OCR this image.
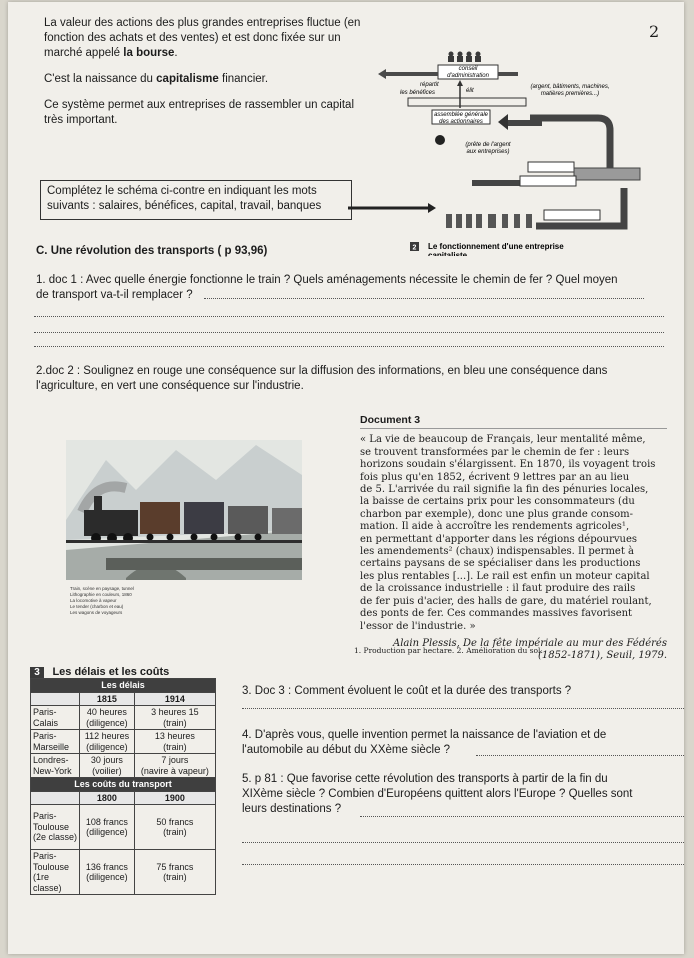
2

La valeur des actions des plus grandes entreprises fluctue (en
fonction des achats et des ventes) et est donc fixée sur un
marché appelé la bourse.

C'est la naissance du capitalisme financier.

Ce système permet aux entreprises de rassembler un capital
très important.

Complétez le schéma ci-contre en indiquant les mots
suivants : salaires, bénéfices, capital, travail, banques
conseil
d'administration
répartit
les bénéfices	élit
(argent, bâtiments, machines,
matières premières...)
assemblée générale
des actionnaires
(prête de l'argent
aux entreprises)
2 Le fonctionnement d'une entreprise
capitaliste.
C. Une révolution des transports ( p 93,96)
1. doc 1 : Avec quelle énergie fonctionne le train ? Quels aménagements nécessite le chemin de fer ? Quel moyen
de transport va-t-il remplacer ?
2.doc 2 : Soulignez en rouge une conséquence sur la diffusion des informations, en bleu une conséquence dans
l'agriculture, en vert une conséquence sur l'industrie.
Train, scène en paysage, tunnel
Lithographie en couleurs, 1860
La locomotive à vapeur
Le tender (charbon et eau)
Les wagons de voyageurs
Document 3
« La vie de beaucoup de Français, leur mentalité même,
se trouvent transformées par le chemin de fer : leurs
horizons soudain s'élargissent. En 1870, ils voyagent trois
fois plus qu'en 1852, écrivent 9 lettres par an au lieu
de 5. L'arrivée du rail signifie la fin des pénuries locales,
la baisse de certains prix pour les consommateurs (du
charbon par exemple), donc une plus grande consom-
mation. Il aide à accroître les rendements agricoles¹,
en permettant d'apporter dans les régions dépourvues
les amendements² (chaux) indispensables. Il permet à
certains paysans de se spécialiser dans les productions
les plus rentables [...]. Le rail est enfin un moteur capital
de la croissance industrielle : il faut produire des rails
de fer puis d'acier, des halls de gare, du matériel roulant,
des ponts de fer. Ces commandes massives favorisent
l'essor de l'industrie. »
Alain Plessis, De la fête impériale au mur des Fédérés
(1852-1871), Seuil, 1979.
1. Production par hectare. 2. Amélioration du sol.
3 Les délais et les coûts
Les délais		
	1815	1914
Paris-
Calais	40 heures
(diligence)	3 heures 15
(train)
Paris-
Marseille	112 heures
(diligence)	13 heures
(train)
Londres-
New-York	30 jours
(voilier)	7 jours
(navire à vapeur)
Les coûts du transport		
	1800	1900
Paris-
Toulouse
(2e classe)	108 francs
(diligence)	50 francs
(train)
Paris-
Toulouse
(1re classe)	136 francs
(diligence)	75 francs
(train)
3. Doc 3 : Comment évoluent le coût et la durée des transports ?
4. D'après vous, quelle invention permet la naissance de l'aviation et de
l'automobile au début du XXème siècle ?
5. p 81 : Que favorise cette révolution des transports à partir de la fin du
XIXème siècle ? Combien d'Européens quittent alors l'Europe ? Quelles sont
leurs destinations ?
